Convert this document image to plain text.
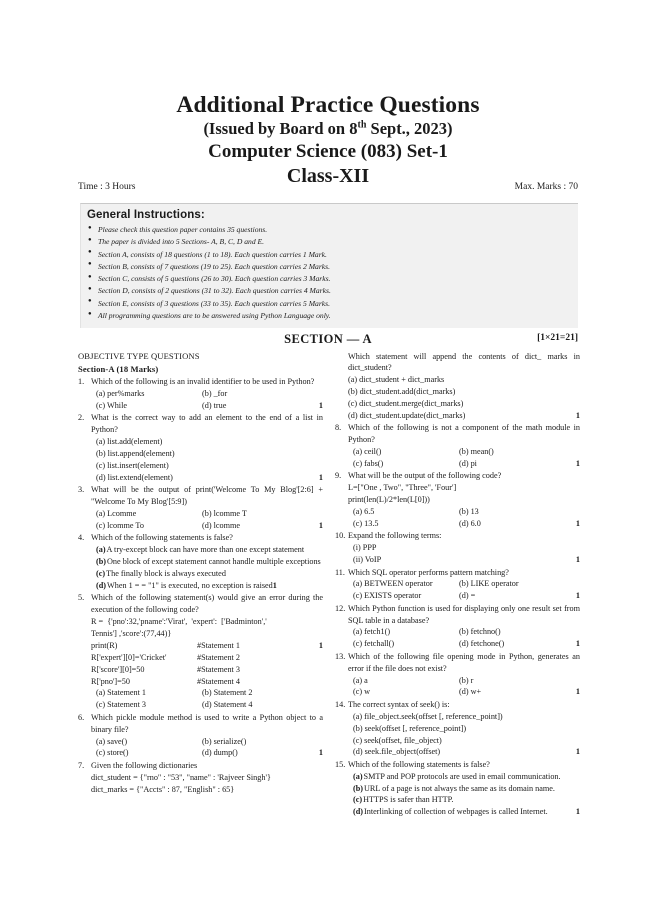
Additional Practice Questions
(Issued by Board on 8th Sept., 2023)
Computer Science (083) Set-1
Class-XII
Time : 3 Hours	Max. Marks : 70
General Instructions:
● Please check this question paper contains 35 questions.
● The paper is divided into 5 Sections- A, B, C, D and E.
● Section A, consists of 18 questions (1 to 18). Each question carries 1 Mark.
● Section B, consists of 7 questions (19 to 25). Each question carries 2 Marks.
● Section C, consists of 5 questions (26 to 30). Each question carries 3 Marks.
● Section D, consists of 2 questions (31 to 32). Each question carries 4 Marks.
● Section E, consists of 3 questions (33 to 35). Each question carries 5 Marks.
● All programming questions are to be answered using Python Language only.
SECTION — A	[1×21=21]
OBJECTIVE TYPE QUESTIONS
Section-A (18 Marks)
1. Which of the following is an invalid identifier to be used in Python?
(a) per%marks	(b) _for
(c) While	(d) true	1
2. What is the correct way to add an element to the end of a list in Python?
(a) list.add(element)
(b) list.append(element)
(c) list.insert(element)
(d) list.extend(element)	1
3. What will be the output of print('Welcome To My Blog'[2:6] + "Welcome To My Blog'[5:9])
(a) Lcomme	(b) lcomme T
(c) lcomme To	(d) lcomme	1
4. Which of the following statements is false?
(a) A try-except block can have more than one except statement
(b) One block of except statement cannot handle multiple exceptions
(c) The finally block is always executed
(d) When 1 = = "1" is executed, no exception is raised1
5. Which of the following statement(s) would give an error during the execution of the following code?
R =  {'pno':32,'pname':'Virat',  'expert':  ['Badminton','
Tennis'] ,'score':(77,44)}
print(R)	#Statement 1	1
R['expert'][0]='Cricket'	#Statement 2
R['score'][0]=50	#Statement 3
R['pno']=50	#Statement 4
(a) Statement 1	(b) Statement 2
(c) Statement 3	(d) Statement 4
6. Which pickle module method is used to write a Python object to a binary file?
(a) save()	(b) serialize()
(c) store()	(d) dump()	1
7. Given the following dictionaries
dict_student = {"rno" : "53", "name" : 'Rajveer Singh'}
dict_marks = {"Accts" : 87, "English" : 65}
Which statement will append the contents of dict_ marks in dict_student?
(a) dict_student + dict_marks
(b) dict_student.add(dict_marks)
(c) dict_student.merge(dict_marks)
(d) dict_student.update(dict_marks)	1
8. Which of the following is not a component of the math module in Python?
(a) ceil()	(b) mean()
(c) fabs()	(d) pi	1
9. What will be the output of the following code?
L=["One , Two", "Three", 'Four']
print(len(L)/2*len(L[0]))
(a) 6.5	(b) 13
(c) 13.5	(d) 6.0	1
10. Expand the following terms:
(i) PPP
(ii) VoIP	1
11. Which SQL operator performs pattern matching?
(a) BETWEEN operator	(b) LIKE operator
(c) EXISTS operator	(d) =	1
12. Which Python function is used for displaying only one result set from SQL table in a database?
(a) fetch1()	(b) fetchno()
(c) fetchall()	(d) fetchone()	1
13. Which of the following file opening mode in Python, generates an error if the file does not exist?
(a) a	(b) r
(c) w	(d) w+	1
14. The correct syntax of seek() is:
(a) file_object.seek(offset [, reference_point])
(b) seek(offset [, reference_point])
(c) seek(offset, file_object)
(d) seek.file_object(offset)	1
15. Which of the following statements is false?
(a) SMTP and POP protocols are used in email communication.
(b) URL of a page is not always the same as its domain name.
(c) HTTPS is safer than HTTP.
(d) Interlinking of collection of webpages is called Internet.	1
